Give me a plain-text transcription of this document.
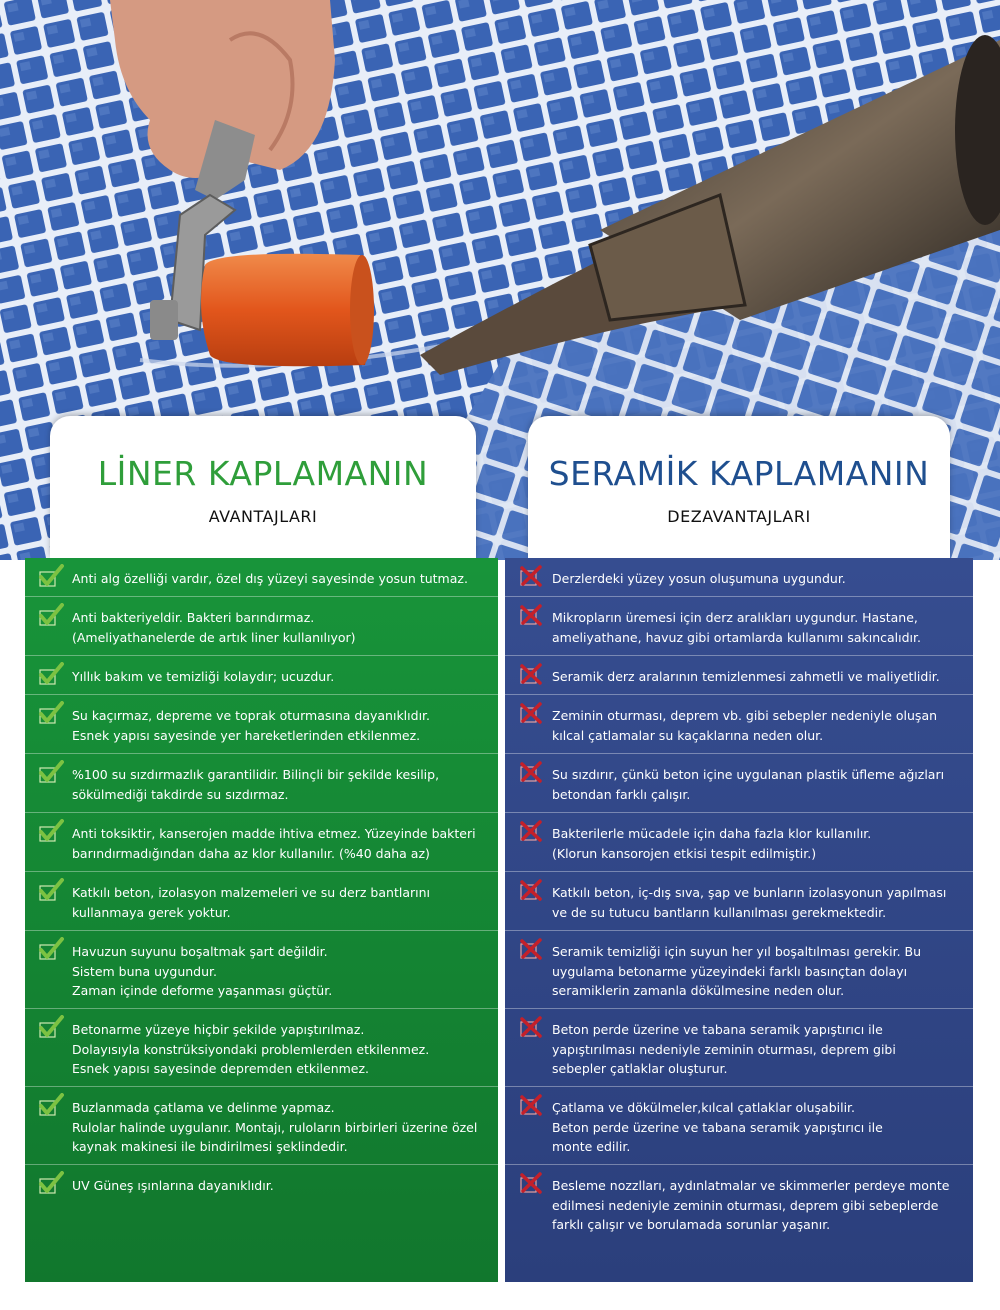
LİNER KAPLAMANIN
AVANTAJLARI
SERAMİK KAPLAMANIN
DEZAVANTAJLARI
Anti alg özelliği vardır, özel dış yüzeyi sayesinde yosun tutmaz.
Anti bakteriyeldir. Bakteri barındırmaz.
(Ameliyathanelerde de artık liner kullanılıyor)
Yıllık bakım ve temizliği kolaydır; ucuzdur.
Su kaçırmaz, depreme ve toprak oturmasına dayanıklıdır.
Esnek yapısı sayesinde yer hareketlerinden etkilenmez.
%100 su sızdırmazlık garantilidir. Bilinçli bir şekilde kesilip,
sökülmediği takdirde su sızdırmaz.
Anti toksiktir, kanserojen madde ihtiva etmez. Yüzeyinde bakteri
barındırmadığından daha az klor kullanılır. (%40 daha az)
Katkılı beton, izolasyon malzemeleri ve su derz bantlarını
kullanmaya gerek yoktur.
Havuzun suyunu boşaltmak şart değildir.
Sistem buna uygundur.
Zaman içinde deforme yaşanması güçtür.
Betonarme yüzeye hiçbir şekilde yapıştırılmaz.
Dolayısıyla konstrüksiyondaki problemlerden etkilenmez.
Esnek yapısı sayesinde depremden etkilenmez.
Buzlanmada çatlama ve delinme yapmaz.
Rulolar halinde uygulanır. Montajı, ruloların birbirleri üzerine özel
kaynak makinesi ile bindirilmesi şeklindedir.
UV Güneş ışınlarına dayanıklıdır.
Derzlerdeki yüzey yosun oluşumuna uygundur.
Mikropların üremesi için derz aralıkları uygundur. Hastane,
ameliyathane, havuz gibi ortamlarda kullanımı sakıncalıdır.
Seramik derz aralarının temizlenmesi zahmetli ve maliyetlidir.
Zeminin oturması, deprem vb. gibi sebepler nedeniyle oluşan
kılcal çatlamalar su kaçaklarına neden olur.
Su sızdırır, çünkü beton içine uygulanan plastik üfleme ağızları
betondan farklı çalışır.
Bakterilerle mücadele için daha fazla klor kullanılır.
(Klorun kansorojen etkisi tespit edilmiştir.)
Katkılı beton, iç-dış sıva, şap ve bunların izolasyonun yapılması
ve de su tutucu bantların kullanılması gerekmektedir.
Seramik temizliği için suyun her yıl boşaltılması gerekir. Bu
uygulama betonarme yüzeyindeki farklı basınçtan dolayı
seramiklerin zamanla dökülmesine neden olur.
Beton perde üzerine ve tabana seramik yapıştırıcı ile
yapıştırılması nedeniyle zeminin oturması, deprem gibi
sebepler çatlaklar oluşturur.
Çatlama ve dökülmeler,kılcal çatlaklar oluşabilir.
Beton perde üzerine ve tabana seramik yapıştırıcı ile
monte edilir.
Besleme nozzlları, aydınlatmalar ve skimmerler perdeye monte
edilmesi nedeniyle zeminin oturması, deprem gibi sebeplerde
farklı çalışır ve borulamada sorunlar yaşanır.
